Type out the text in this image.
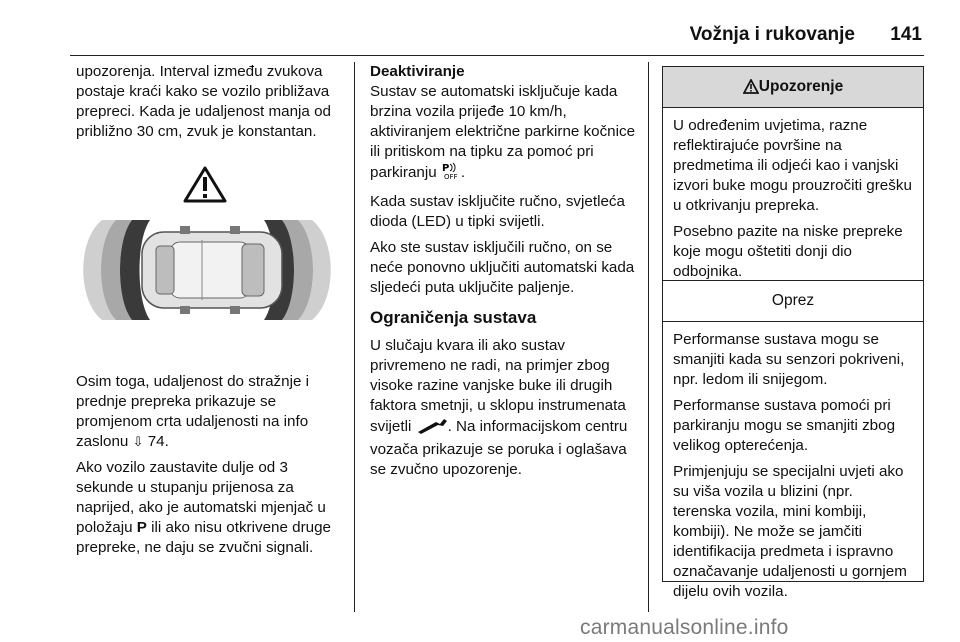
Vožnja i rukovanje	141

upozorenja. Interval između zvukova postaje kraći kako se vozilo približava prepreci. Kada je udaljenost manja od približno 30 cm, zvuk je konstantan.

Osim toga, udaljenost do stražnje i prednje prepreka prikazuje se promjenom crta udaljenosti na info zaslonu ⇩ 74.

Ako vozilo zaustavite dulje od 3 sekunde u stupanju prijenosa za naprijed, ako je automatski mjenjač u položaju P ili ako nisu otkrivene druge prepreke, ne daju se zvučni signali.

Deaktiviranje

Sustav se automatski isključuje kada brzina vozila prijeđe 10 km/h, aktiviranjem električne parkirne kočnice ili pritiskom na tipku za pomoć pri parkiranju P
OFF .

Kada sustav isključite ručno, svjetleća dioda (LED) u tipki svijetli.

Ako ste sustav isključili ručno, on se neće ponovno uključiti automatski kada sljedeći puta uključite paljenje.

Ograničenja sustava

U slučaju kvara ili ako sustav privremeno ne radi, na primjer zbog visoke razine vanjske buke ili drugih faktora smetnji, u sklopu instrumenata svijetli . Na informacijskom centru vozača prikazuje se poruka i oglašava se zvučno upozorenje.

Upozorenje

U određenim uvjetima, razne reflektirajuće površine na predmetima ili odjeći kao i vanjski izvori buke mogu prouzročiti grešku u otkrivanju prepreka.

Posebno pazite na niske prepreke koje mogu oštetiti donji dio odbojnika.

Oprez

Performanse sustava mogu se smanjiti kada su senzori pokriveni, npr. ledom ili snijegom.

Performanse sustava pomoći pri parkiranju mogu se smanjiti zbog velikog opterećenja.

Primjenjuju se specijalni uvjeti ako su viša vozila u blizini (npr. terenska vozila, mini kombiji, kombiji). Ne može se jamčiti identifikacija predmeta i ispravno označavanje udaljenosti u gornjem dijelu ovih vozila.

carmanualsonline.info
